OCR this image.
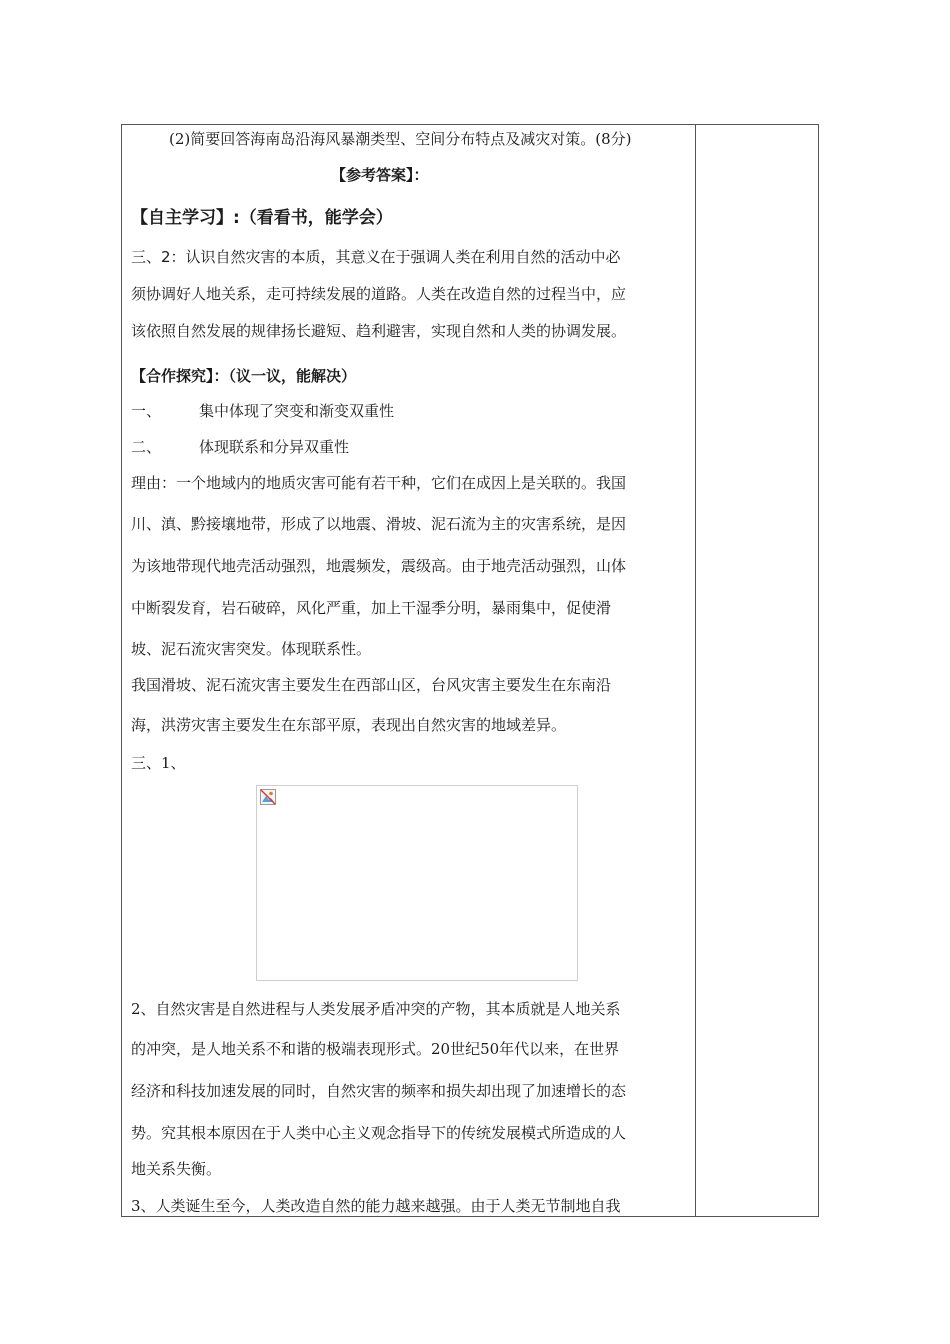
(2)简要回答海南岛沿海风暴潮类型、空间分布特点及减灾对策。(8分)
【参考答案】：
【自主学习】:（看看书，能学会）
三、2：认识自然灾害的本质，其意义在于强调人类在利用自然的活动中必
须协调好人地关系，走可持续发展的道路。人类在改造自然的过程当中，应
该依照自然发展的规律扬长避短、趋利避害，实现自然和人类的协调发展。
【合作探究】：（议一议，能解决）
一、	集中体现了突变和渐变双重性
二、	体现联系和分异双重性
理由：一个地域内的地质灾害可能有若干种，它们在成因上是关联的。我国
川、滇、黔接壤地带，形成了以地震、滑坡、泥石流为主的灾害系统，是因
为该地带现代地壳活动强烈，地震频发，震级高。由于地壳活动强烈，山体
中断裂发育，岩石破碎，风化严重，加上干湿季分明，暴雨集中，促使滑
坡、泥石流灾害突发。体现联系性。
我国滑坡、泥石流灾害主要发生在西部山区，台风灾害主要发生在东南沿
海，洪涝灾害主要发生在东部平原，表现出自然灾害的地域差异。
三、1、
2、自然灾害是自然进程与人类发展矛盾冲突的产物，其本质就是人地关系
的冲突，是人地关系不和谐的极端表现形式。20世纪50年代以来，在世界
经济和科技加速发展的同时，自然灾害的频率和损失却出现了加速增长的态
势。究其根本原因在于人类中心主义观念指导下的传统发展模式所造成的人
地关系失衡。
3、人类诞生至今，人类改造自然的能力越来越强。由于人类无节制地自我
